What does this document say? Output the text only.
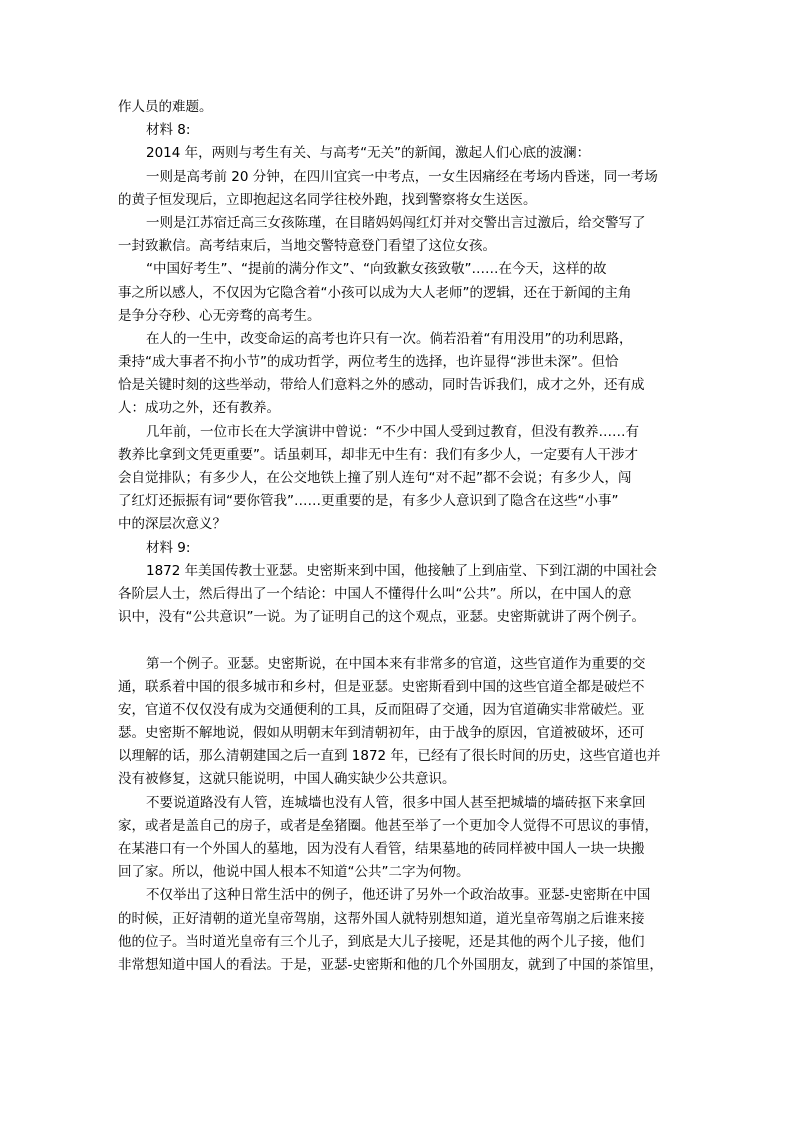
作人员的难题。
材料 8:
2014 年，两则与考生有关、与高考“无关”的新闻，激起人们心底的波澜：
一则是高考前 20 分钟，在四川宜宾一中考点，一女生因痛经在考场内昏迷，同一考场
的黄子恒发现后，立即抱起这名同学往校外跑，找到警察将女生送医。
一则是江苏宿迁高三女孩陈瑾，在目睹妈妈闯红灯并对交警出言过激后，给交警写了
一封致歉信。高考结束后，当地交警特意登门看望了这位女孩。
“中国好考生”、“提前的满分作文”、“向致歉女孩致敬”……在今天，这样的故
事之所以感人，不仅因为它隐含着“小孩可以成为大人老师”的逻辑，还在于新闻的主角
是争分夺秒、心无旁骛的高考生。
在人的一生中，改变命运的高考也许只有一次。倘若沿着“有用没用”的功利思路，
秉持“成大事者不拘小节”的成功哲学，两位考生的选择，也许显得“涉世未深”。但恰
恰是关键时刻的这些举动，带给人们意料之外的感动，同时告诉我们，成才之外，还有成
人：成功之外，还有教养。
几年前，一位市长在大学演讲中曾说：“不少中国人受到过教育，但没有教养……有
教养比拿到文凭更重要”。话虽刺耳，却非无中生有：我们有多少人，一定要有人干涉才
会自觉排队；有多少人，在公交地铁上撞了别人连句“对不起”都不会说；有多少人，闯
了红灯还振振有词“要你管我”……更重要的是，有多少人意识到了隐含在这些“小事”
中的深层次意义？
材料 9:
1872 年美国传教士亚瑟。史密斯来到中国，他接触了上到庙堂、下到江湖的中国社会
各阶层人士，然后得出了一个结论：中国人不懂得什么叫“公共”。所以，在中国人的意
识中，没有“公共意识”一说。为了证明自己的这个观点，亚瑟。史密斯就讲了两个例子。
第一个例子。亚瑟。史密斯说，在中国本来有非常多的官道，这些官道作为重要的交
通，联系着中国的很多城市和乡村，但是亚瑟。史密斯看到中国的这些官道全都是破烂不
安，官道不仅仅没有成为交通便利的工具，反而阻碍了交通，因为官道确实非常破烂。亚
瑟。史密斯不解地说，假如从明朝末年到清朝初年，由于战争的原因，官道被破坏，还可
以理解的话，那么清朝建国之后一直到 1872 年，已经有了很长时间的历史，这些官道也并
没有被修复，这就只能说明，中国人确实缺少公共意识。
不要说道路没有人管，连城墙也没有人管，很多中国人甚至把城墙的墙砖抠下来拿回
家，或者是盖自己的房子，或者是垒猪圈。他甚至举了一个更加令人觉得不可思议的事情，
在某港口有一个外国人的墓地，因为没有人看管，结果墓地的砖同样被中国人一块一块搬
回了家。所以，他说中国人根本不知道“公共”二字为何物。
不仅举出了这种日常生活中的例子，他还讲了另外一个政治故事。亚瑟-史密斯在中国
的时候，正好清朝的道光皇帝驾崩，这帮外国人就特别想知道，道光皇帝驾崩之后谁来接
他的位子。当时道光皇帝有三个儿子，到底是大儿子接呢，还是其他的两个儿子接，他们
非常想知道中国人的看法。于是，亚瑟-史密斯和他的几个外国朋友，就到了中国的茶馆里，
